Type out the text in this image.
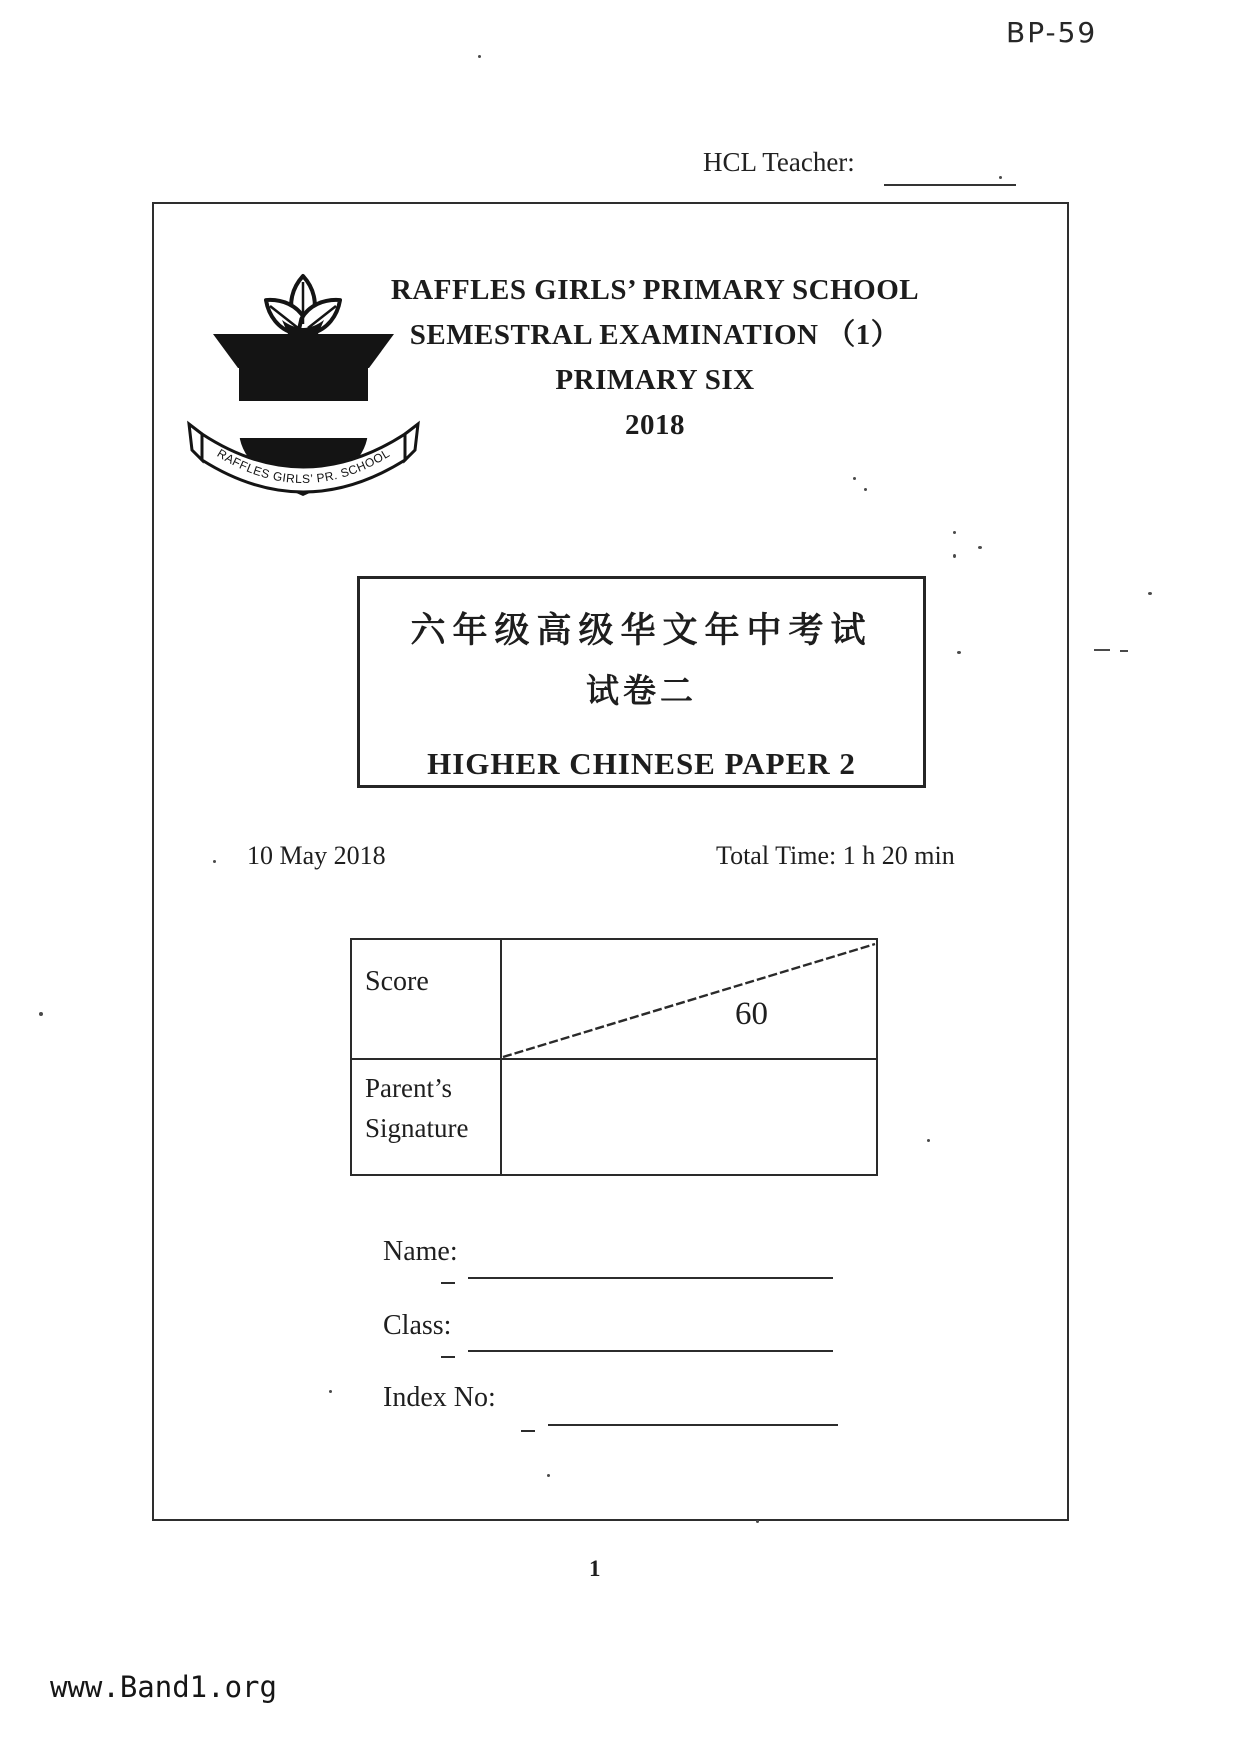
BP-59
HCL Teacher:
RAFFLES GIRLS’ PR. SCHOOL
RAFFLES GIRLS’ PRIMARY SCHOOL
SEMESTRAL EXAMINATION （1）
PRIMARY SIX
2018
六年级高级华文年中考试
试卷二
HIGHER CHINESE PAPER 2
10 May 2018	Total Time: 1 h 20 min
Score
60
Parent’s Signature
Name:
Class:
Index No:
1
www.Band1.org
